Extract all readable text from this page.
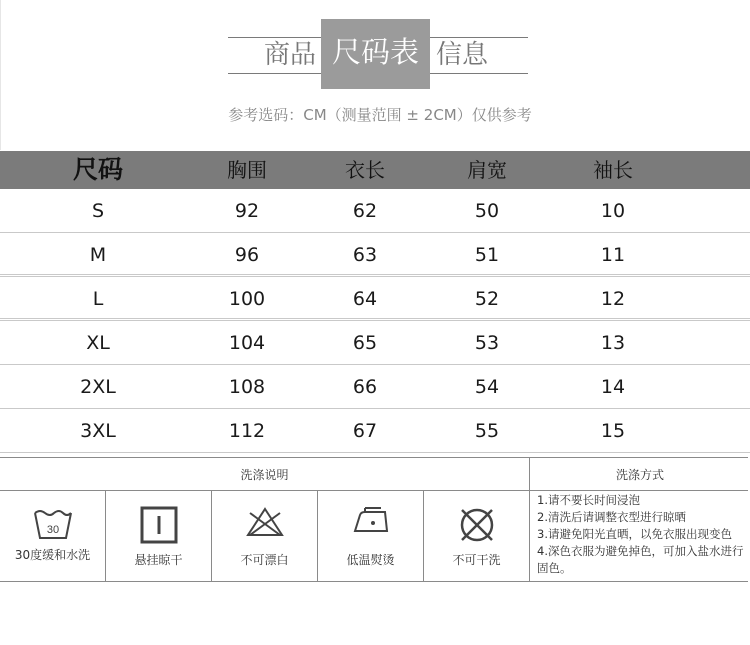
商品 尺码表 信息
参考选码：CM（测量范围 ± 2CM）仅供参考
尺码	胸围	衣长	肩宽	袖长
S	92	62	50	10
M	96	63	51	11
L	100	64	52	12
XL	104	65	53	13
2XL	108	66	54	14
3XL	112	67	55	15
洗涤说明	洗涤方式
30
30度缓和水洗	悬挂晾干	不可漂白	低温熨烫	不可干洗
1.请不要长时间浸泡
2.清洗后请调整衣型进行晾晒
3.请避免阳光直晒，以免衣服出现变色
4.深色衣服为避免掉色，可加入盐水进行固色。
